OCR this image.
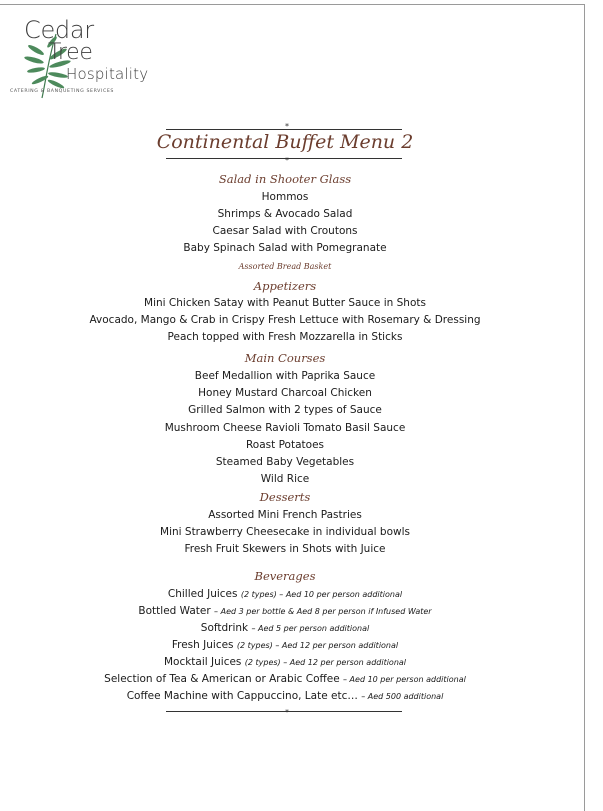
Cedar
Tree
Hospitality
CATERING & BANQUETING SERVICES
*
Continental Buffet Menu 2
*
Salad in Shooter Glass
Hommos
Shrimps & Avocado Salad
Caesar Salad with Croutons
Baby Spinach Salad with Pomegranate
Assorted Bread Basket
Appetizers
Mini Chicken Satay with Peanut Butter Sauce in Shots
Avocado, Mango & Crab in Crispy Fresh Lettuce with Rosemary & Dressing
Peach topped with Fresh Mozzarella in Sticks
Main Courses
Beef Medallion with Paprika Sauce
Honey Mustard Charcoal Chicken
Grilled Salmon with 2 types of Sauce
Mushroom Cheese Ravioli Tomato Basil Sauce
Roast Potatoes
Steamed Baby Vegetables
Wild Rice
Desserts
Assorted Mini French Pastries
Mini Strawberry Cheesecake in individual bowls
Fresh Fruit Skewers in Shots with Juice
Beverages
Chilled Juices (2 types) – Aed 10 per person additional
Bottled Water – Aed 3 per bottle & Aed 8 per person if Infused Water
Softdrink – Aed 5 per person additional
Fresh Juices (2 types) – Aed 12 per person additional
Mocktail Juices (2 types) – Aed 12 per person additional
Selection of Tea & American or Arabic Coffee – Aed 10 per person additional
Coffee Machine with Cappuccino, Late etc… – Aed 500 additional
*
